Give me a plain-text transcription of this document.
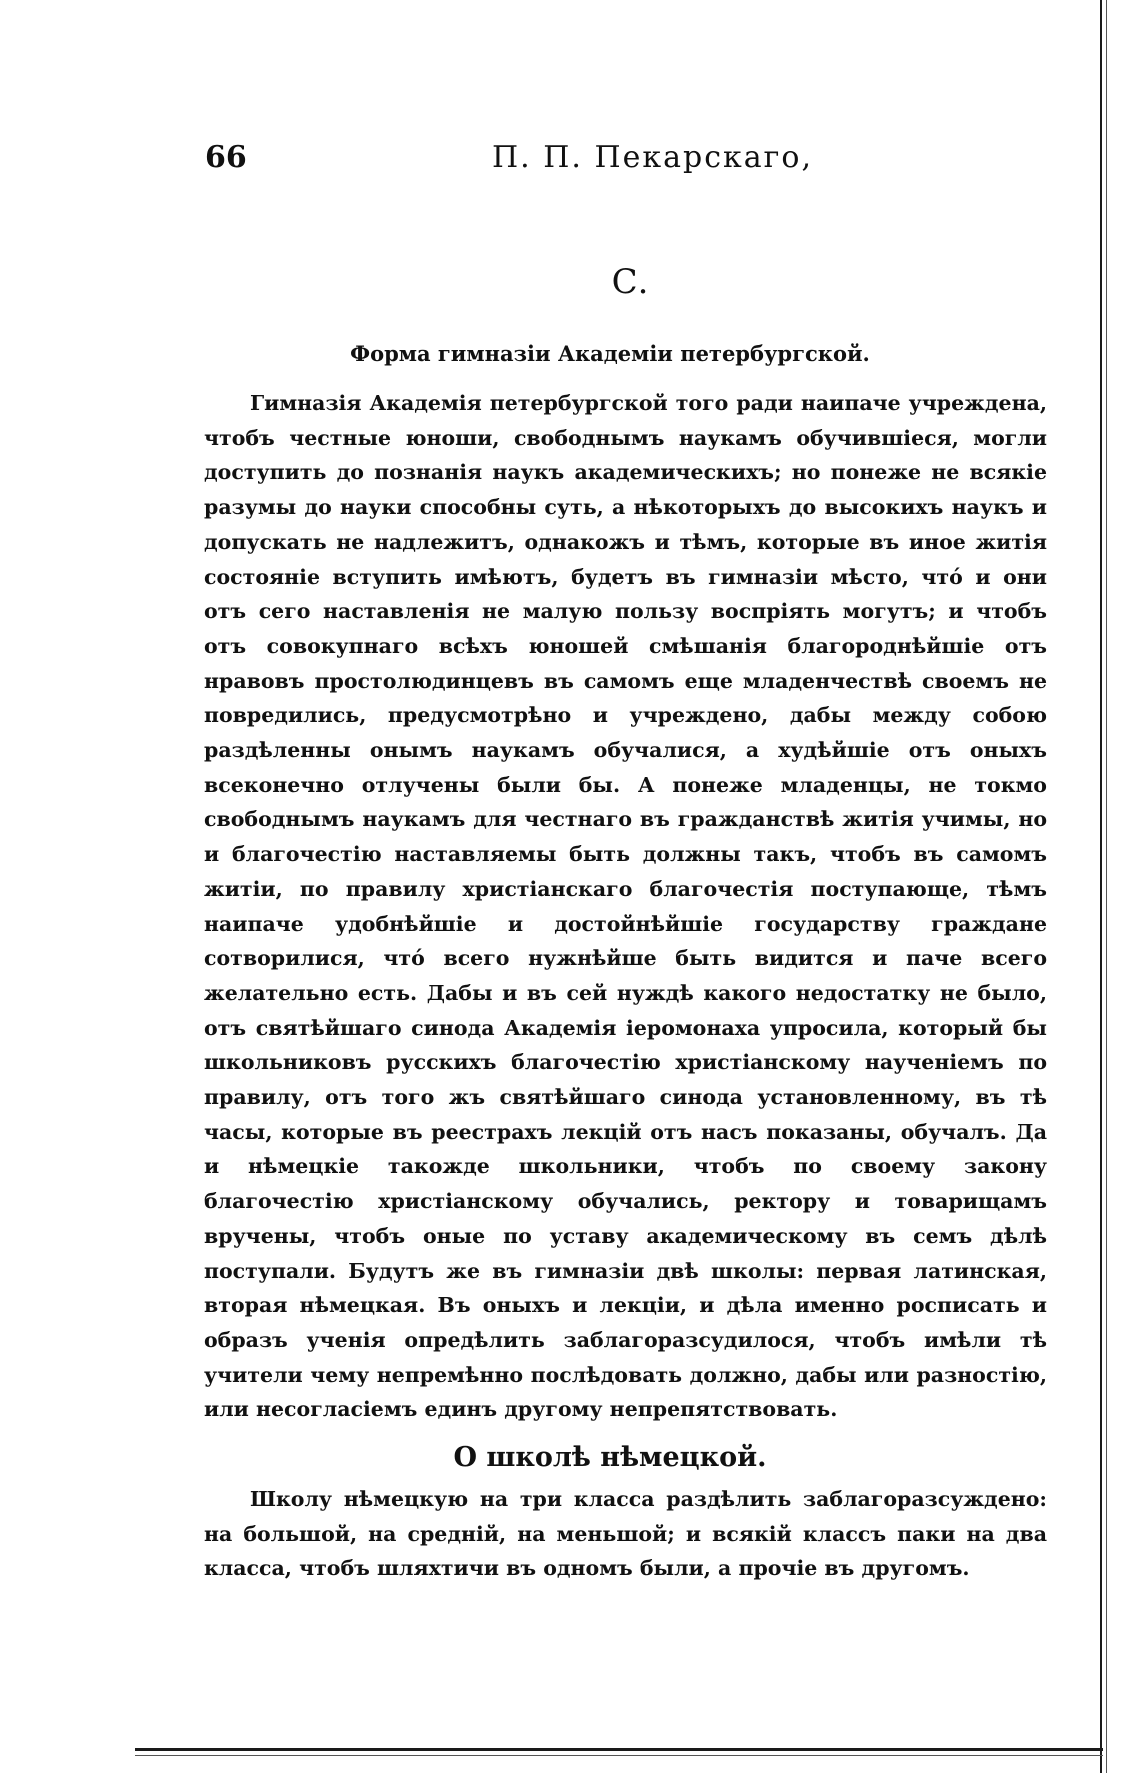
66	П. П. Пекарскаго,
С.
Форма гимназіи Академіи петербургской.

Гимназія Академія петербургской того ради наипаче учреждена, чтобъ честные юноши, свободнымъ наукамъ обучившіеся, могли доступить до познанія наукъ академическихъ; но понеже не всякіе разумы до науки способны суть, а нѣкоторыхъ до высокихъ наукъ и допускать не надлежитъ, однакожъ и тѣмъ, которые въ иное житія состояніе вступить имѣютъ, будетъ въ гимназіи мѣсто, чтó и они отъ сего наставленія не малую пользу воспріять могутъ; и чтобъ отъ совокупнаго всѣхъ юношей смѣшанія благороднѣйшіе отъ нравовъ простолюдинцевъ въ самомъ еще младенчествѣ своемъ не повредились, предусмотрѣно и учреждено, дабы между собою раздѣленны онымъ наукамъ обучалися, а худѣйшіе отъ оныхъ всеконечно отлучены были бы. А понеже младенцы, не токмо свободнымъ наукамъ для честнаго въ гражданствѣ житія учимы, но и благочестію наставляемы быть должны такъ, чтобъ въ самомъ житіи, по правилу христіанскаго благочестія поступающе, тѣмъ наипаче удобнѣйшіе и достойнѣйшіе государству граждане сотворилися, чтó всего нужнѣйше быть видится и паче всего желательно есть. Дабы и въ сей нуждѣ какого недостатку не было, отъ святѣйшаго синода Академія іеромонаха упросила, который бы школьниковъ русскихъ благочестію христіанскому наученіемъ по правилу, отъ того жъ святѣйшаго синода установленному, въ тѣ часы, которые въ реестрахъ лекцій отъ насъ показаны, обучалъ. Да и нѣмецкіе такожде школьники, чтобъ по своему закону благочестію христіанскому обучались, ректору и товарищамъ вручены, чтобъ оные по уставу академическому въ семъ дѣлѣ поступали. Будутъ же въ гимназіи двѣ школы: первая латинская, вторая нѣмецкая. Въ оныхъ и лекціи, и дѣла именно росписать и образъ ученія опредѣлить заблагоразсудилося, чтобъ имѣли тѣ учители чему непремѣнно послѣдовать должно, дабы или разностію, или несогласіемъ единъ другому непрепятствовать.

О школѣ нѣмецкой.

Школу нѣмецкую на три класса раздѣлить заблагоразсуждено: на большой, на средній, на меньшой; и всякій классъ паки на два класса, чтобъ шляхтичи въ одномъ были, а прочіе въ другомъ.
